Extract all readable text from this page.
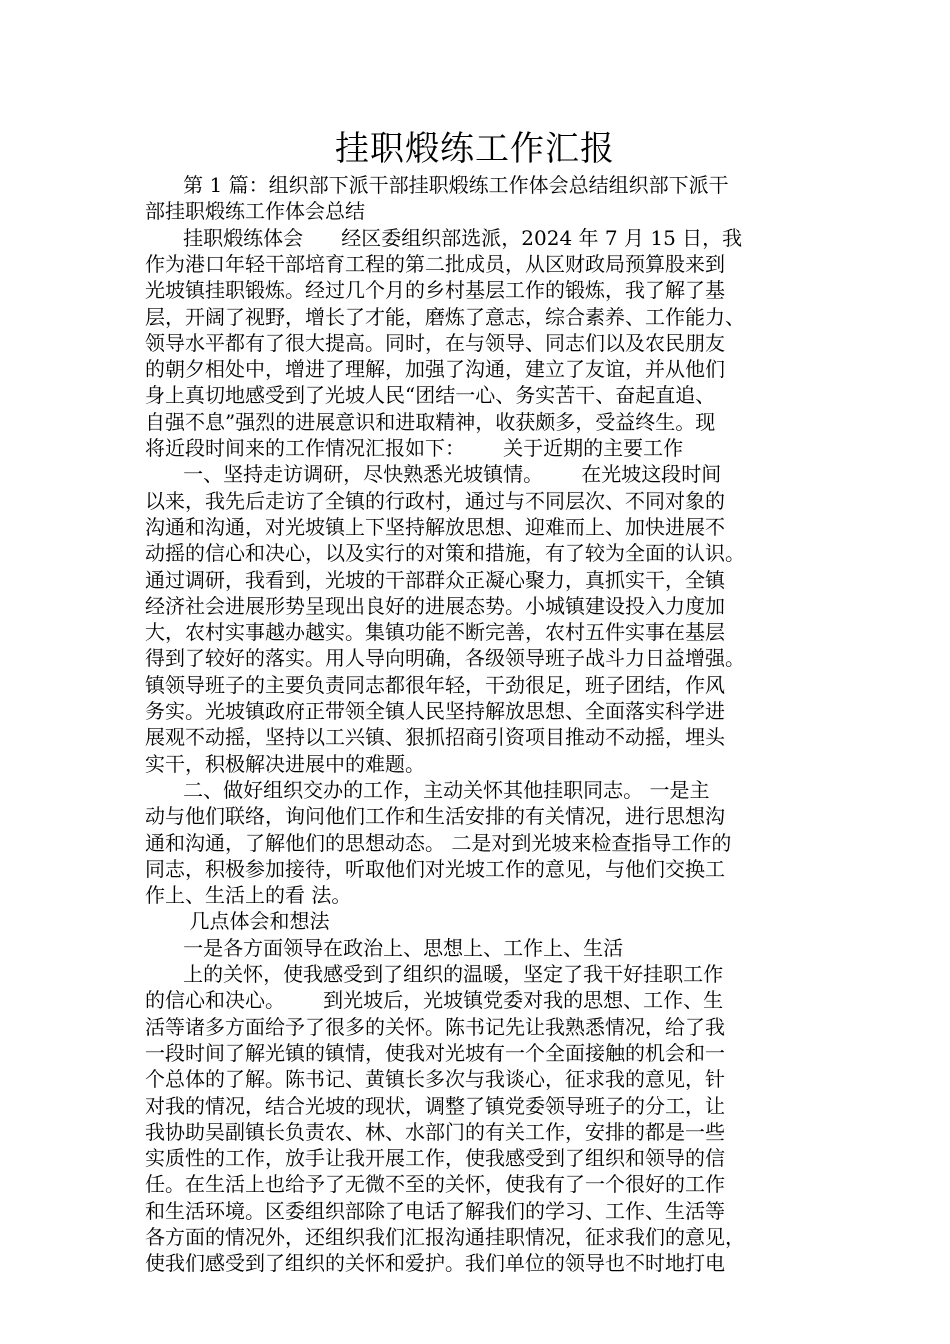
挂职煅练工作汇报
第 1 篇：组织部下派干部挂职煅练工作体会总结组织部下派干
部挂职煅练工作体会总结
挂职煅练体会      经区委组织部选派，2024 年 7 月 15 日，我
作为港口年轻干部培育工程的第二批成员，从区财政局预算股来到
光坡镇挂职锻炼。经过几个月的乡村基层工作的锻炼，我了解了基
层，开阔了视野，增长了才能，磨炼了意志，综合素养、工作能力、
领导水平都有了很大提高。同时，在与领导、同志们以及农民朋友
的朝夕相处中，增进了理解，加强了沟通，建立了友谊，并从他们
身上真切地感受到了光坡人民“团结一心、务实苦干、奋起直追、
自强不息”强烈的进展意识和进取精神，收获颇多，受益终生。现
将近段时间来的工作情况汇报如下：      关于近期的主要工作
一、坚持走访调研，尽快熟悉光坡镇情。      在光坡这段时间
以来，我先后走访了全镇的行政村，通过与不同层次、不同对象的
沟通和沟通，对光坡镇上下坚持解放思想、迎难而上、加快进展不
动摇的信心和决心，以及实行的对策和措施，有了较为全面的认识。
通过调研，我看到，光坡的干部群众正凝心聚力，真抓实干，全镇
经济社会进展形势呈现出良好的进展态势。小城镇建设投入力度加
大，农村实事越办越实。集镇功能不断完善，农村五件实事在基层
得到了较好的落实。用人导向明确，各级领导班子战斗力日益增强。
镇领导班子的主要负责同志都很年轻，干劲很足，班子团结，作风
务实。光坡镇政府正带领全镇人民坚持解放思想、全面落实科学进
展观不动摇，坚持以工兴镇、狠抓招商引资项目推动不动摇，埋头
实干，积极解决进展中的难题。
二、做好组织交办的工作，主动关怀其他挂职同志。 一是主
动与他们联络，询问他们工作和生活安排的有关情况，进行思想沟
通和沟通，了解他们的思想动态。 二是对到光坡来检查指导工作的
同志，积极参加接待，听取他们对光坡工作的意见，与他们交换工
作上、生活上的看 法。
几点体会和想法
一是各方面领导在政治上、思想上、工作上、生活
上的关怀，使我感受到了组织的温暖，坚定了我干好挂职工作
的信心和决心。      到光坡后，光坡镇党委对我的思想、工作、生
活等诸多方面给予了很多的关怀。陈书记先让我熟悉情况，给了我
一段时间了解光镇的镇情，使我对光坡有一个全面接触的机会和一
个总体的了解。陈书记、黄镇长多次与我谈心，征求我的意见，针
对我的情况，结合光坡的现状，调整了镇党委领导班子的分工，让
我协助吴副镇长负责农、林、水部门的有关工作，安排的都是一些
实质性的工作，放手让我开展工作，使我感受到了组织和领导的信
任。在生活上也给予了无微不至的关怀，使我有了一个很好的工作
和生活环境。区委组织部除了电话了解我们的学习、工作、生活等
各方面的情况外，还组织我们汇报沟通挂职情况，征求我们的意见，
使我们感受到了组织的关怀和爱护。我们单位的领导也不时地打电
